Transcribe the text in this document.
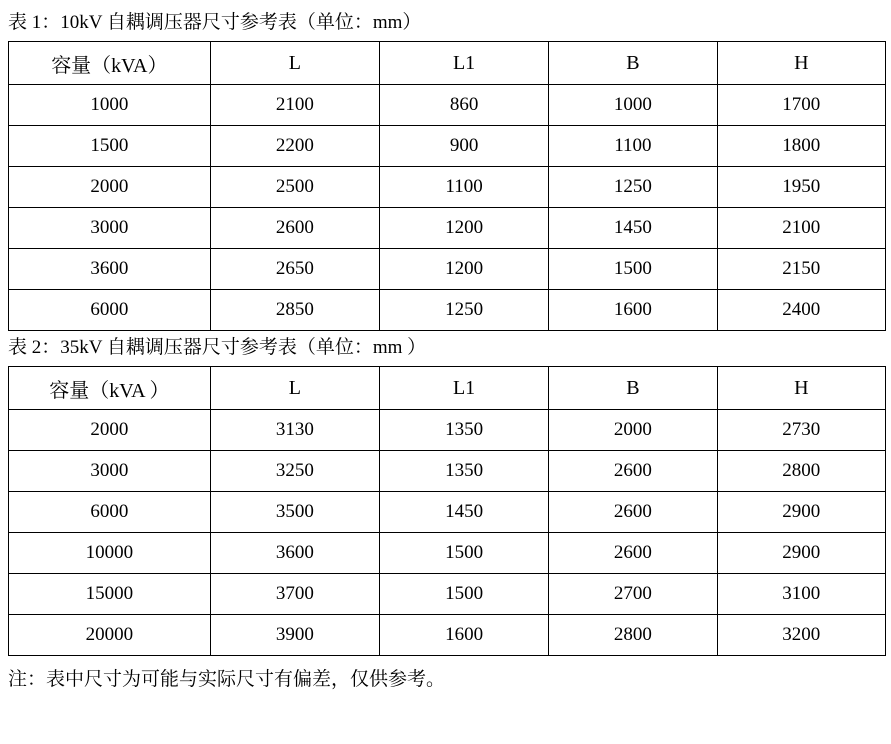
表 1：10kV 自耦调压器尺寸参考表（单位：mm）
容量（kVA）	L	L1	B	H
1000	2100	860	1000	1700
1500	2200	900	1100	1800
2000	2500	1100	1250	1950
3000	2600	1200	1450	2100
3600	2650	1200	1500	2150
6000	2850	1250	1600	2400
表 2：35kV 自耦调压器尺寸参考表（单位：mm ）
容量（kVA ）	L	L1	B	H
2000	3130	1350	2000	2730
3000	3250	1350	2600	2800
6000	3500	1450	2600	2900
10000	3600	1500	2600	2900
15000	3700	1500	2700	3100
20000	3900	1600	2800	3200
注：表中尺寸为可能与实际尺寸有偏差，仅供参考。
